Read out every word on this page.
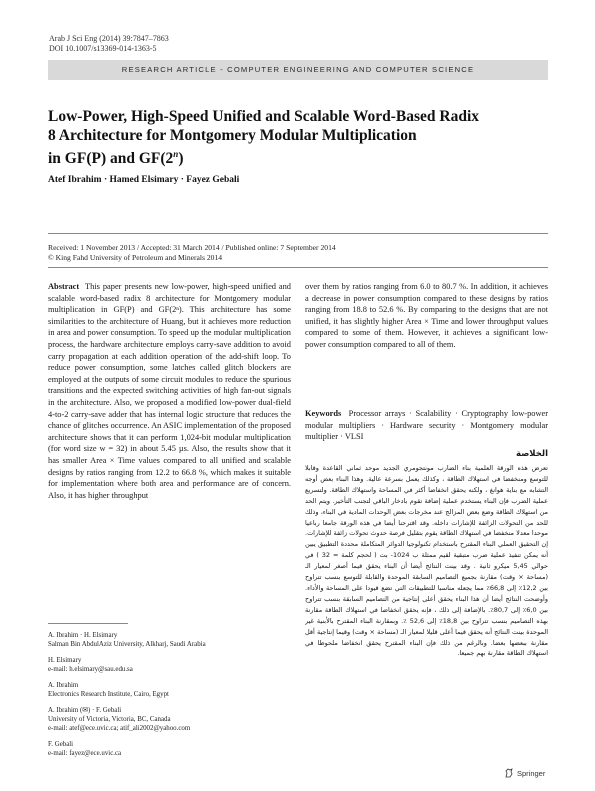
Arab J Sci Eng (2014) 39:7847–7863
DOI 10.1007/s13369-014-1363-5
RESEARCH ARTICLE - COMPUTER ENGINEERING AND COMPUTER SCIENCE
Low-Power, High-Speed Unified and Scalable Word-Based Radix
8 Architecture for Montgomery Modular Multiplication
in GF(P) and GF(2$^n$)
Atef Ibrahim · Hamed Elsimary · Fayez Gebali
Received: 1 November 2013 / Accepted: 31 March 2014 / Published online: 7 September 2014
© King Fahd University of Petroleum and Minerals 2014
Abstract This paper presents new low-power, high-speed unified and scalable word-based radix 8 architecture for Montgomery modular multiplication in GF(P) and GF(2ⁿ). This architecture has some similarities to the architecture of Huang, but it achieves more reduction in area and power consumption. To speed up the modular multiplication process, the hardware architecture employs carry-save addition to avoid carry propagation at each addition operation of the add-shift loop. To reduce power consumption, some latches called glitch blockers are employed at the outputs of some circuit modules to reduce the spurious transitions and the expected switching activities of high fan-out signals in the architecture. Also, we proposed a modified low-power dual-field 4-to-2 carry-save adder that has internal logic structure that reduces the chance of glitches occurrence. An ASIC implementation of the proposed architecture shows that it can perform 1,024-bit modular multiplication (for word size w = 32) in about 5.45 µs. Also, the results show that it has smaller Area × Time values compared to all unified and scalable designs by ratios ranging from 12.2 to 66.8 %, which makes it suitable for implementation where both area and performance are of concern. Also, it has higher throughput
over them by ratios ranging from 6.0 to 80.7 %. In addition, it achieves a decrease in power consumption compared to these designs by ratios ranging from 18.8 to 52.6 %. By comparing to the designs that are not unified, it has slightly higher Area × Time and lower throughput values compared to some of them. However, it achieves a significant low-power consumption compared to all of them.
Keywords Processor arrays · Scalability · Cryptography low-power modular multipliers · Hardware security · Montgomery modular multiplier · VLSI
الخلاصة
تعرض هذه الورقة العلمية بناء الضارب مونتجومري الجديد موحد ثماني القاعدة وقابلا للتوسع ومنخفضا في استهلاك الطاقة ، وكذلك يعمل بسرعة عالية. وهذا البناء بعض أوجه التشابه مع بناية هوانغ ، ولكنه يحقق انخفاضا أكثر في المساحة واستهلاك الطاقة. ولتسريع عملية الضرب فإن البناء يستخدم عملية إضافة تقوم بادخار الباقي لتجنب التأخير. ويتم الحد من استهلاك الطاقة وضع بعض المزالج عند مخرجات بعض الوحدات المادية في البناء، وذلك للحد من التحولات الزائفة للإشارات داخله. وقد اقترحنا أيضا في هذه الورقة جامعا رباعيا موحدا معدلا منخفضا في استهلاك الطاقة يقوم بتقليل فرصة حدوث تحولات زائفة للإشارات. إن التحقيق العملي البناء المقترح باستخدام تكنولوجيا الدوائر المتكاملة محددة التطبيق يبين أنه يمكن تنفيذ عملية ضرب متبقية لقيم ممثلة ب 1024- بت ( لحجم كلمة = 32 ) في حوالي 5,45 ميكرو ثانية . وقد بينت النتائج أيضا أن البناء يحقق قيما أصغر لمعيار الـ (مساحة × وقت) مقارنة بجميع التصاميم السابقة الموحدة والقابلة للتوسع بنسب تتراوح بين 12,2٪ إلى 66,8٪ مما يجعله مناسبا للتطبيقات التي تضع قيودا على المساحة والأداء. وأوضحت النتائج أيضا أن هذا البناء يحقق أعلى إنتاجية من التصاميم السابقة بنسب تتراوح بين 6,0٪ إلى 80,7٪. بالإضافة إلى ذلك ، فإنه يحقق انخفاضا في استهلاك الطاقة مقارنة بهذه التصاميم بنسب تتراوح بين 18,8٪ إلى 52,6 ٪. وبمقارنة البناء المقترح بالأبنية غير الموحدة بينت النتائج أنه يحقق قيما أعلى قليلا لمعيار الـ (مساحة × وقت) وقيما إنتاجية أقل مقارنة ببعضها بعضا. وبالرغم من ذلك فإن البناء المقترح يحقق انخفاضا ملحوظا في استهلاك الطاقة مقارنة بهم جميعا.
A. Ibrahim · H. Elsimary
Salman Bin AbdulAziz University, Alkharj, Saudi Arabia
H. Elsimary
e-mail: h.elsimary@sau.edu.sa
A. Ibrahim
Electronics Research Institute, Cairo, Egypt
A. Ibrahim (✉) · F. Gebali
University of Victoria, Victoria, BC, Canada
e-mail: atef@ece.uvic.ca; atif_ali2002@yahoo.com
F. Gebali
e-mail: fayez@ece.uvic.ca
Springer
